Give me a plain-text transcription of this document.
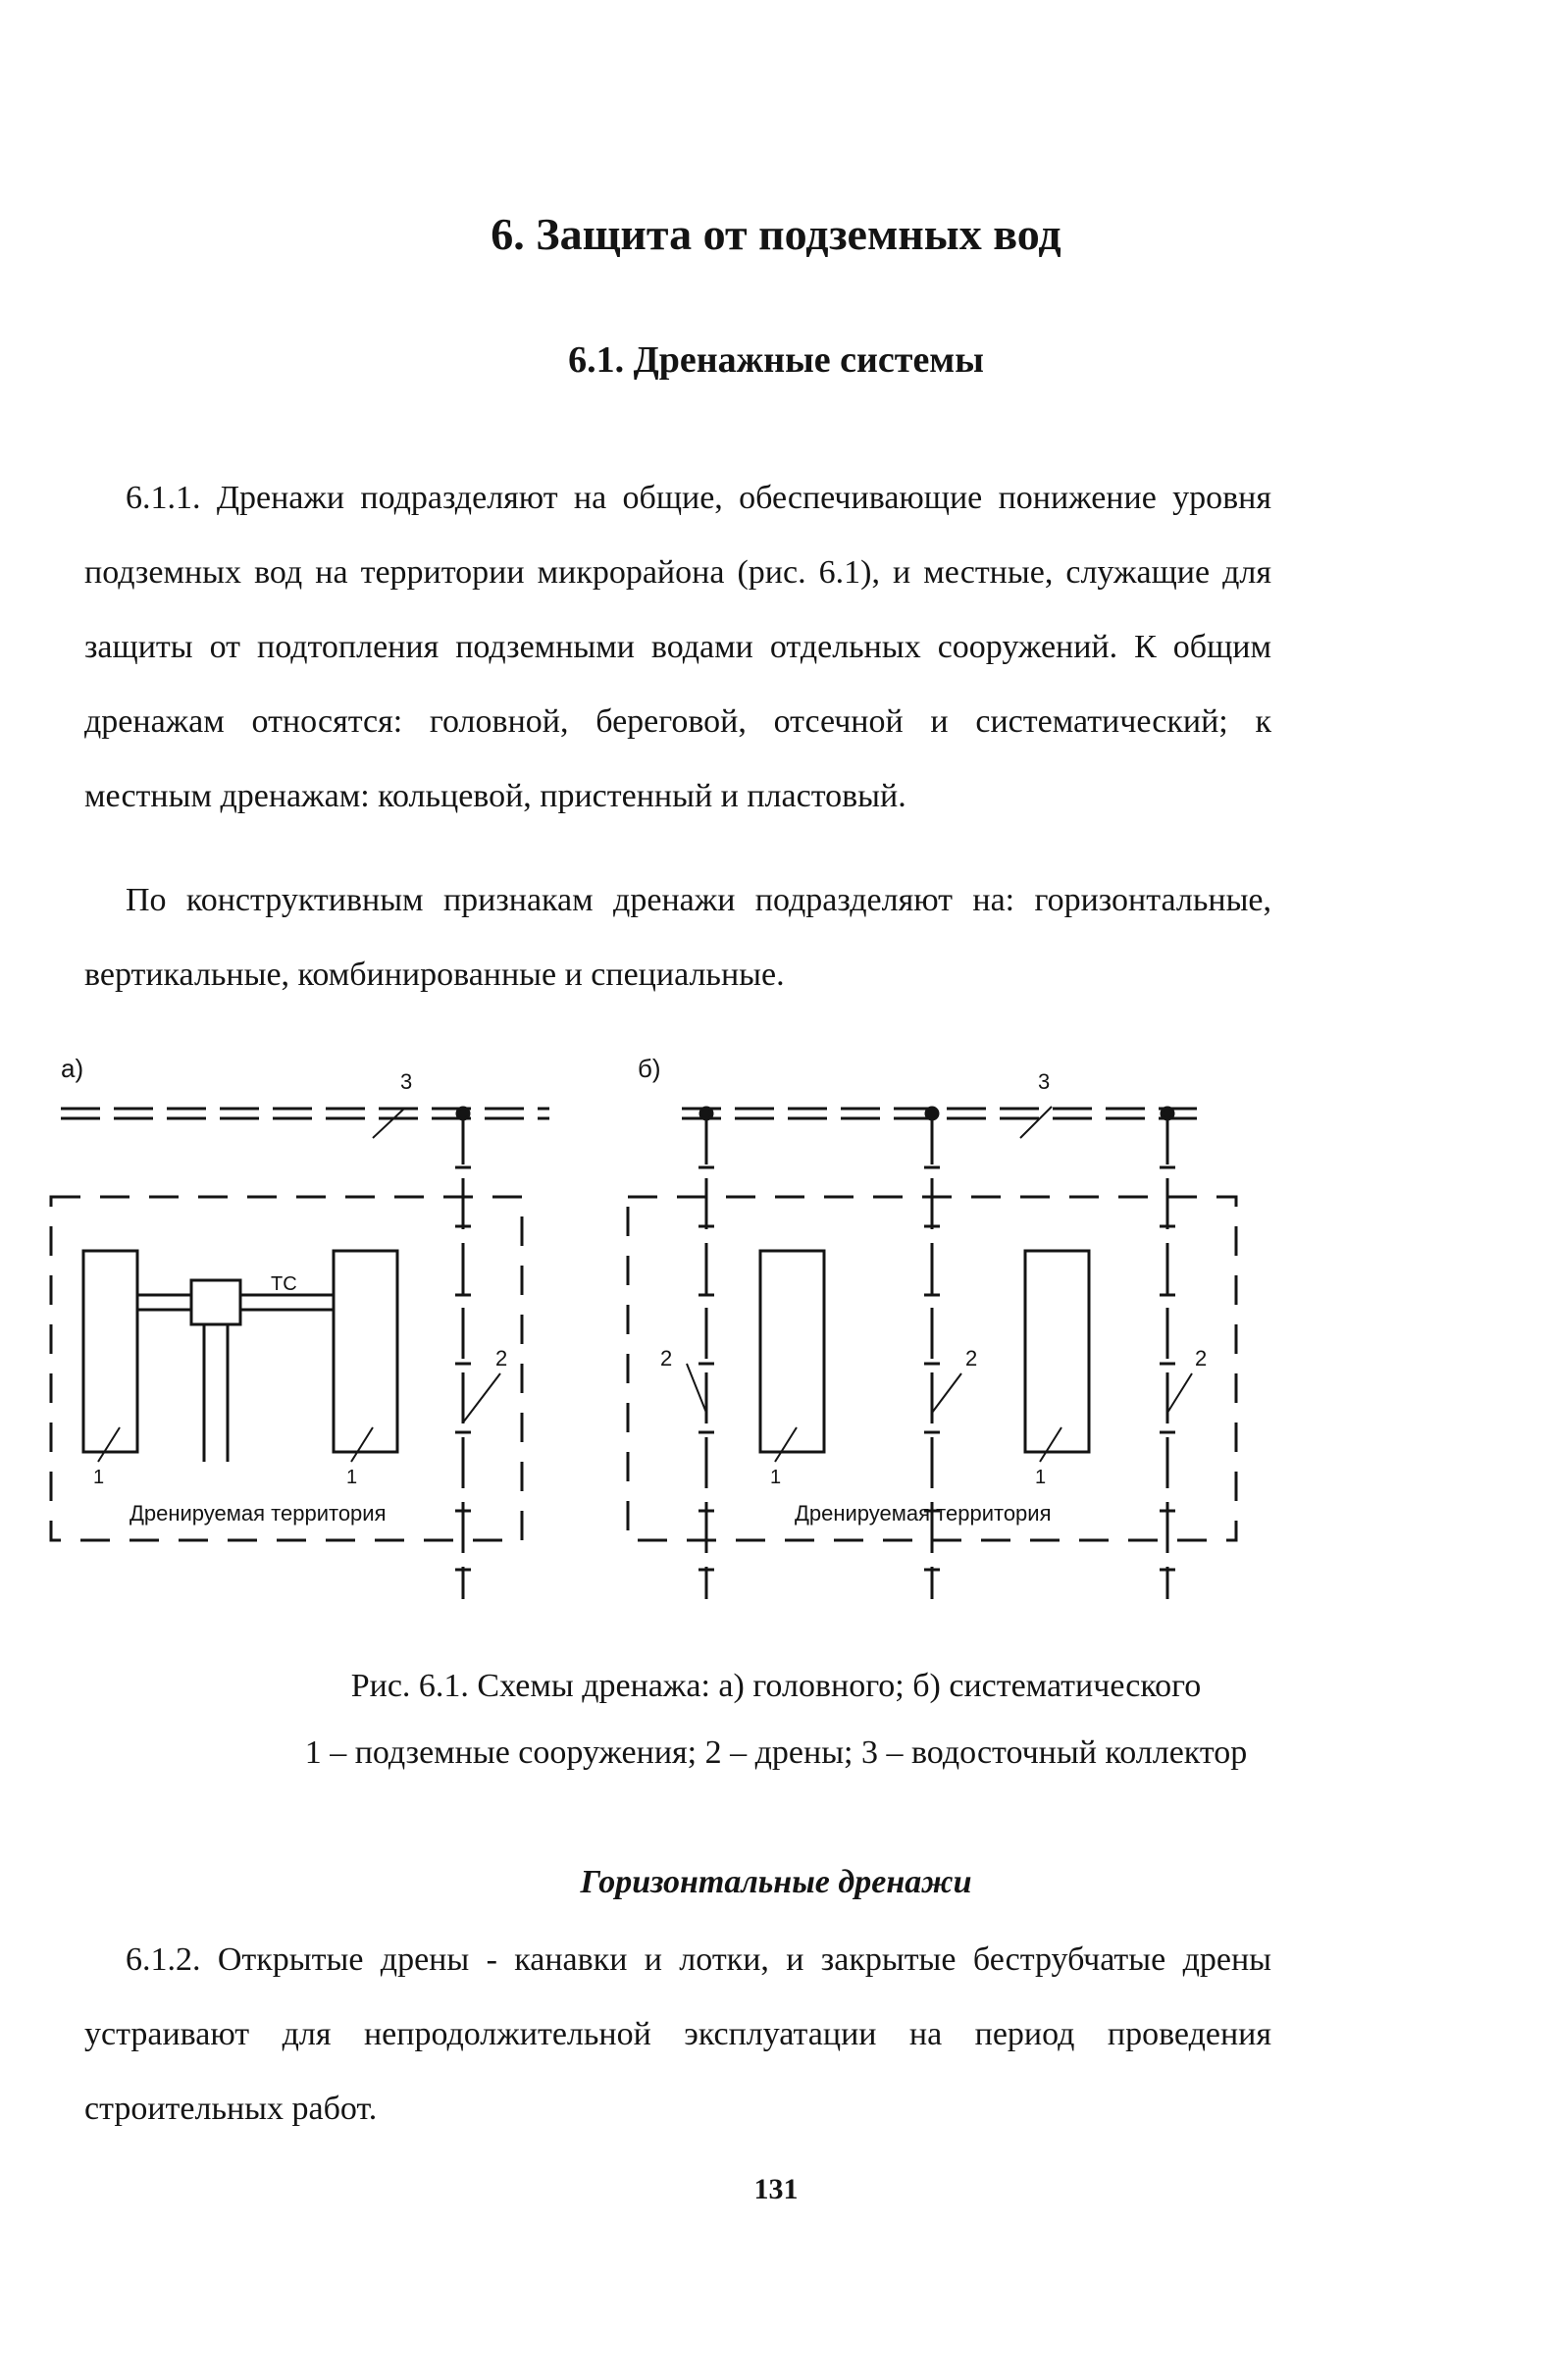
6. Защита от подземных вод
6.1. Дренажные системы

6.1.1. Дренажи подразделяют на общие, обеспечивающие понижение уровня подземных вод на территории микрорайона (рис. 6.1), и местные, служащие для защиты от подтопления подземными водами отдельных сооружений. К общим дренажам относятся: головной, береговой, отсечной и систематический; к местным дренажам: кольцевой, пристенный и пластовый.

По конструктивным признакам дренажи подразделяют на: горизонтальные, вертикальные, комбинированные и специальные.

а)	б)
3	3
ТС
2	2	2	2
1	1	1	1
Дренируемая территория	Дренируемая территория
Рис. 6.1. Схемы дренажа: а) головного; б) систематического
1 – подземные сооружения; 2 – дрены; 3 – водосточный коллектор
Горизонтальные дренажи

6.1.2. Открытые дрены - канавки и лотки, и закрытые беструбчатые дрены устраивают для непродолжительной эксплуатации на период проведения строительных работ.

131
